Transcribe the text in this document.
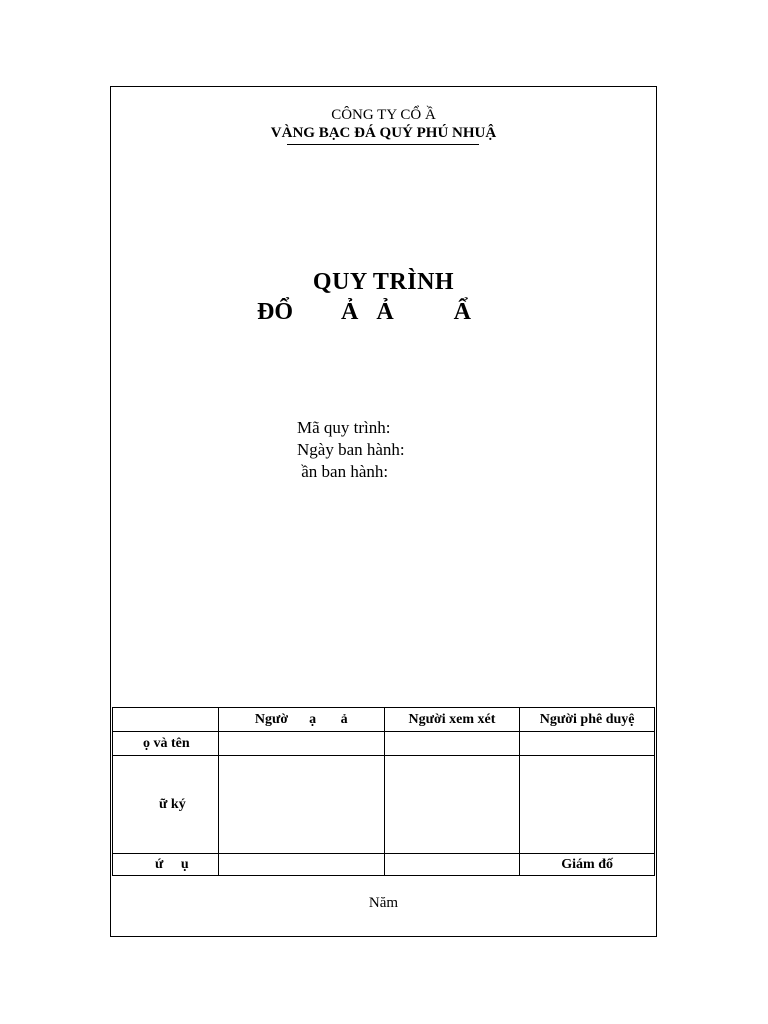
CÔNG TY CỔ Ầ
VÀNG BẠC ĐÁ QUÝ PHÚ NHUẬ
QUY TRÌNH
ĐỔ        Ả   Ả          Ẩ
Mã quy trình:
Ngày ban hành:
ần ban hành:
	Ngườ      ạ       ả	Người xem xét	Người phê duyệ
ọ và tên			
ữ ký			
ứ     ụ			Giám đố
Năm
